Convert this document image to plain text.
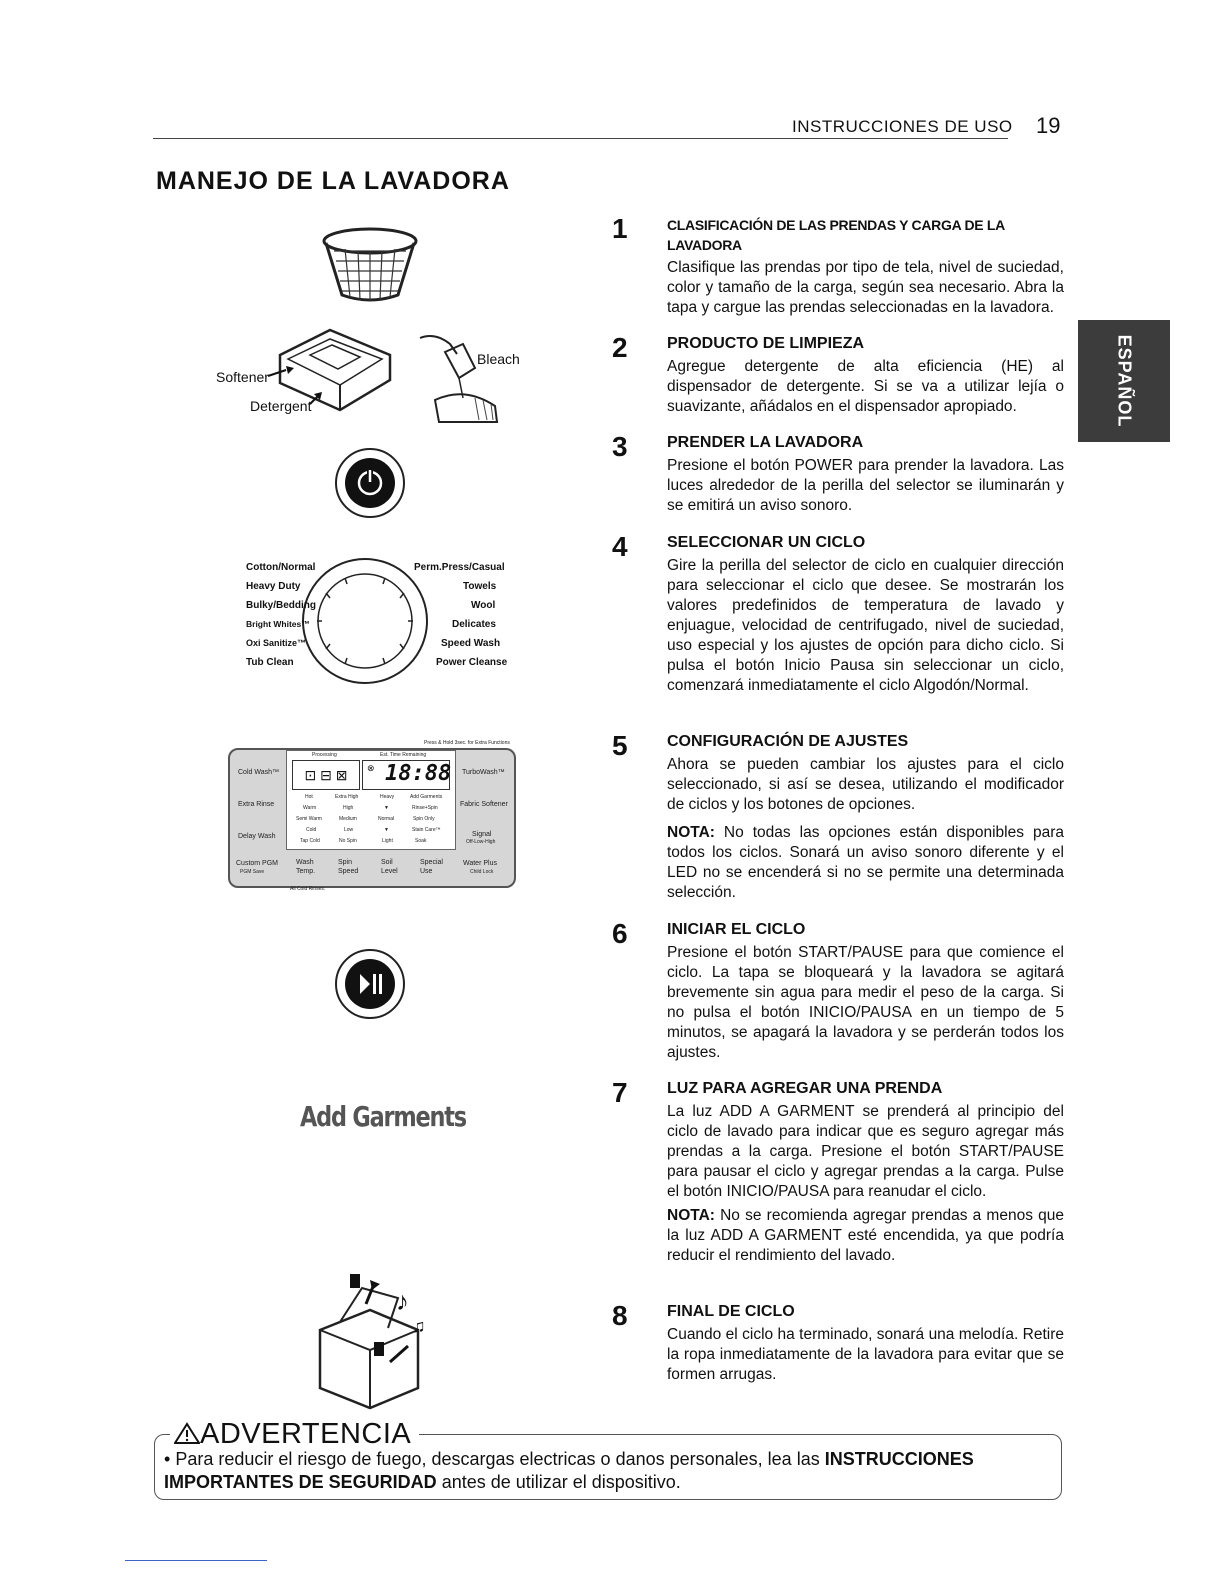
INSTRUCCIONES DE USO 19
MANEJO DE LA LAVADORA
ESPAÑOL
Softener
Detergent
Bleach
Cotton/Normal
Heavy Duty
Bulky/Bedding
Bright Whites™
Oxi Sanitize™
Tub Clean
Perm.Press/Casual
Towels
Wool
Delicates
Speed Wash
Power Cleanse
Press & Hold 3sec. for Extra Functions
Processing	Est. Time Remaining
⊡ ⊟ ⊠	⊗ 18:88
Cold Wash™
Extra Rinse
Delay Wash
TurboWash™
Fabric Softener
Signal
Off-Low-High
Hot	Extra High	Heavy	Add Garments
Warm	High	▼	Rinse+Spin
Semi Warm	Medium	Normal	Spin Only
Cold	Low	▼	Stain Care™
Tap Cold	No Spin	Light	Soak
Custom PGM
PGM Save
Wash Temp.
Spin Speed
Soil Level
Special Use
Water Plus
Child Lock
All Cold Rinses.
Add Garments
♪
♫
1	CLASIFICACIÓN DE LAS PRENDAS Y CARGA DE LA LAVADORA
Clasifique las prendas por tipo de tela, nivel de suciedad, color y tamaño de la carga, según sea necesario. Abra la tapa y cargue las prendas seleccionadas en la lavadora.
2 PRODUCTO DE LIMPIEZA
Agregue detergente de alta eficiencia (HE) al dispensador de detergente. Si se va a utilizar lejía o suavizante, añádalos en el dispensador apropiado.
3 PRENDER LA LAVADORA
Presione el botón POWER para prender la lavadora. Las luces alrededor de la perilla del selector se iluminarán y se emitirá un aviso sonoro.
4 SELECCIONAR UN CICLO
Gire la perilla del selector de ciclo en cualquier dirección para seleccionar el ciclo que desee. Se mostrarán los valores predefinidos de temperatura de lavado y enjuague, velocidad de centrifugado, nivel de suciedad, uso especial y los ajustes de opción para dicho ciclo. Si pulsa el botón Inicio Pausa sin seleccionar un ciclo, comenzará inmediatamente el ciclo Algodón/Normal.
5 CONFIGURACIÓN DE AJUSTES
Ahora se pueden cambiar los ajustes para el ciclo seleccionado, si así se desea, utilizando el modificador de ciclos y los botones de opciones.
NOTA: No todas las opciones están disponibles para todos los ciclos. Sonará un aviso sonoro diferente y el LED no se encenderá si no se permite una determinada selección.
6 INICIAR EL CICLO
Presione el botón START/PAUSE para que comience el ciclo. La tapa se bloqueará y la lavadora se agitará brevemente sin agua para medir el peso de la carga. Si no pulsa el botón INICIO/PAUSA en un tiempo de 5 minutos, se apagará la lavadora y se perderán todos los ajustes.
7 LUZ PARA AGREGAR UNA PRENDA
La luz ADD A GARMENT se prenderá al principio del ciclo de lavado para indicar que es seguro agregar más prendas a la carga. Presione el botón START/PAUSE para pausar el ciclo y agregar prendas a la carga. Pulse el botón INICIO/PAUSA para reanudar el ciclo.
NOTA: No se recomienda agregar prendas a menos que la luz ADD A GARMENT esté encendida, ya que podría reducir el rendimiento del lavado.
8 FINAL DE CICLO
Cuando el ciclo ha terminado, sonará una melodía. Retire la ropa inmediatamente de la lavadora para evitar que se formen arrugas.
ADVERTENCIA
• Para reducir el riesgo de fuego, descargas electricas o danos personales, lea las INSTRUCCIONES IMPORTANTES DE SEGURIDAD antes de utilizar el dispositivo.
